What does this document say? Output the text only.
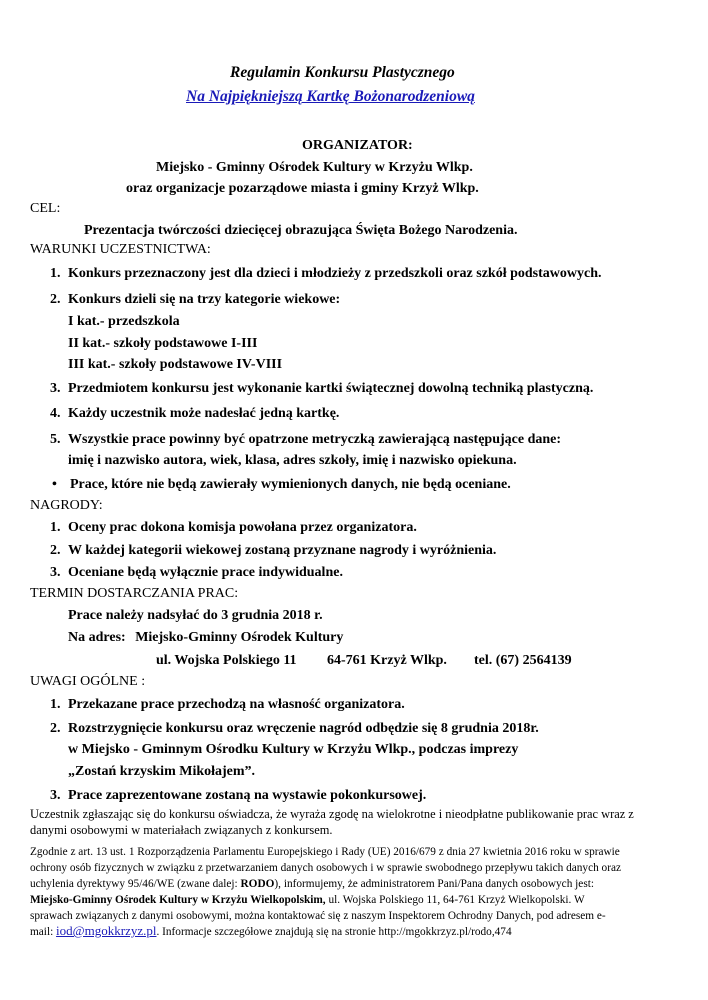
Regulamin Konkursu Plastycznego
Na Najpiękniejszą Kartkę Bożonarodzeniową
ORGANIZATOR:
Miejsko - Gminny Ośrodek Kultury w Krzyżu Wlkp.
oraz organizacje pozarządowe miasta i gminy Krzyż Wlkp.
CEL:
Prezentacja twórczości dziecięcej obrazująca Święta Bożego Narodzenia.
WARUNKI UCZESTNICTWA:
1. Konkurs przeznaczony jest dla dzieci i młodzieży z przedszkoli oraz szkół podstawowych.
2. Konkurs dzieli się na trzy kategorie wiekowe:
I kat.- przedszkola
II kat.- szkoły podstawowe I-III
III kat.- szkoły podstawowe IV-VIII
3. Przedmiotem konkursu jest wykonanie kartki świątecznej dowolną techniką plastyczną.
4. Każdy uczestnik może nadesłać jedną kartkę.
5. Wszystkie prace powinny być opatrzone metryczką zawierającą następujące dane:
imię i nazwisko autora, wiek, klasa, adres szkoły, imię i nazwisko opiekuna.
• Prace, które nie będą zawierały wymienionych danych, nie będą oceniane.
NAGRODY:
1. Oceny prac dokona komisja powołana przez organizatora.
2. W każdej kategorii wiekowej zostaną przyznane nagrody i wyróżnienia.
3. Oceniane będą wyłącznie prace indywidualne.
TERMIN DOSTARCZANIA PRAC:
Prace należy nadsyłać do 3 grudnia 2018 r.
Na adres: Miejsko-Gminny Ośrodek Kultury
ul. Wojska Polskiego 11 64-761 Krzyż Wlkp. tel. (67) 2564139
UWAGI OGÓLNE :
1. Przekazane prace przechodzą na własność organizatora.
2. Rozstrzygnięcie konkursu oraz wręczenie nagród odbędzie się 8 grudnia 2018r.
w Miejsko - Gminnym Ośrodku Kultury w Krzyżu Wlkp., podczas imprezy
„Zostań krzyskim Mikołajem”.
3. Prace zaprezentowane zostaną na wystawie pokonkursowej.
Uczestnik zgłaszając się do konkursu oświadcza, że wyraża zgodę na wielokrotne i nieodpłatne publikowanie prac wraz z
danymi osobowymi w materiałach związanych z konkursem.
Zgodnie z art. 13 ust. 1 Rozporządzenia Parlamentu Europejskiego i Rady (UE) 2016/679 z dnia 27 kwietnia 2016 roku w sprawie
ochrony osób fizycznych w związku z przetwarzaniem danych osobowych i w sprawie swobodnego przepływu takich danych oraz
uchylenia dyrektywy 95/46/WE (zwane dalej: RODO), informujemy, że administratorem Pani/Pana danych osobowych jest:
Miejsko-Gminny Ośrodek Kultury w Krzyżu Wielkopolskim, ul. Wojska Polskiego 11, 64-761 Krzyż Wielkopolski. W
sprawach związanych z danymi osobowymi, można kontaktować się z naszym Inspektorem Ochrodny Danych, pod adresem e-
mail: iod@mgokkrzyz.pl. Informacje szczegółowe znajdują się na stronie http://mgokkrzyz.pl/rodo,474
